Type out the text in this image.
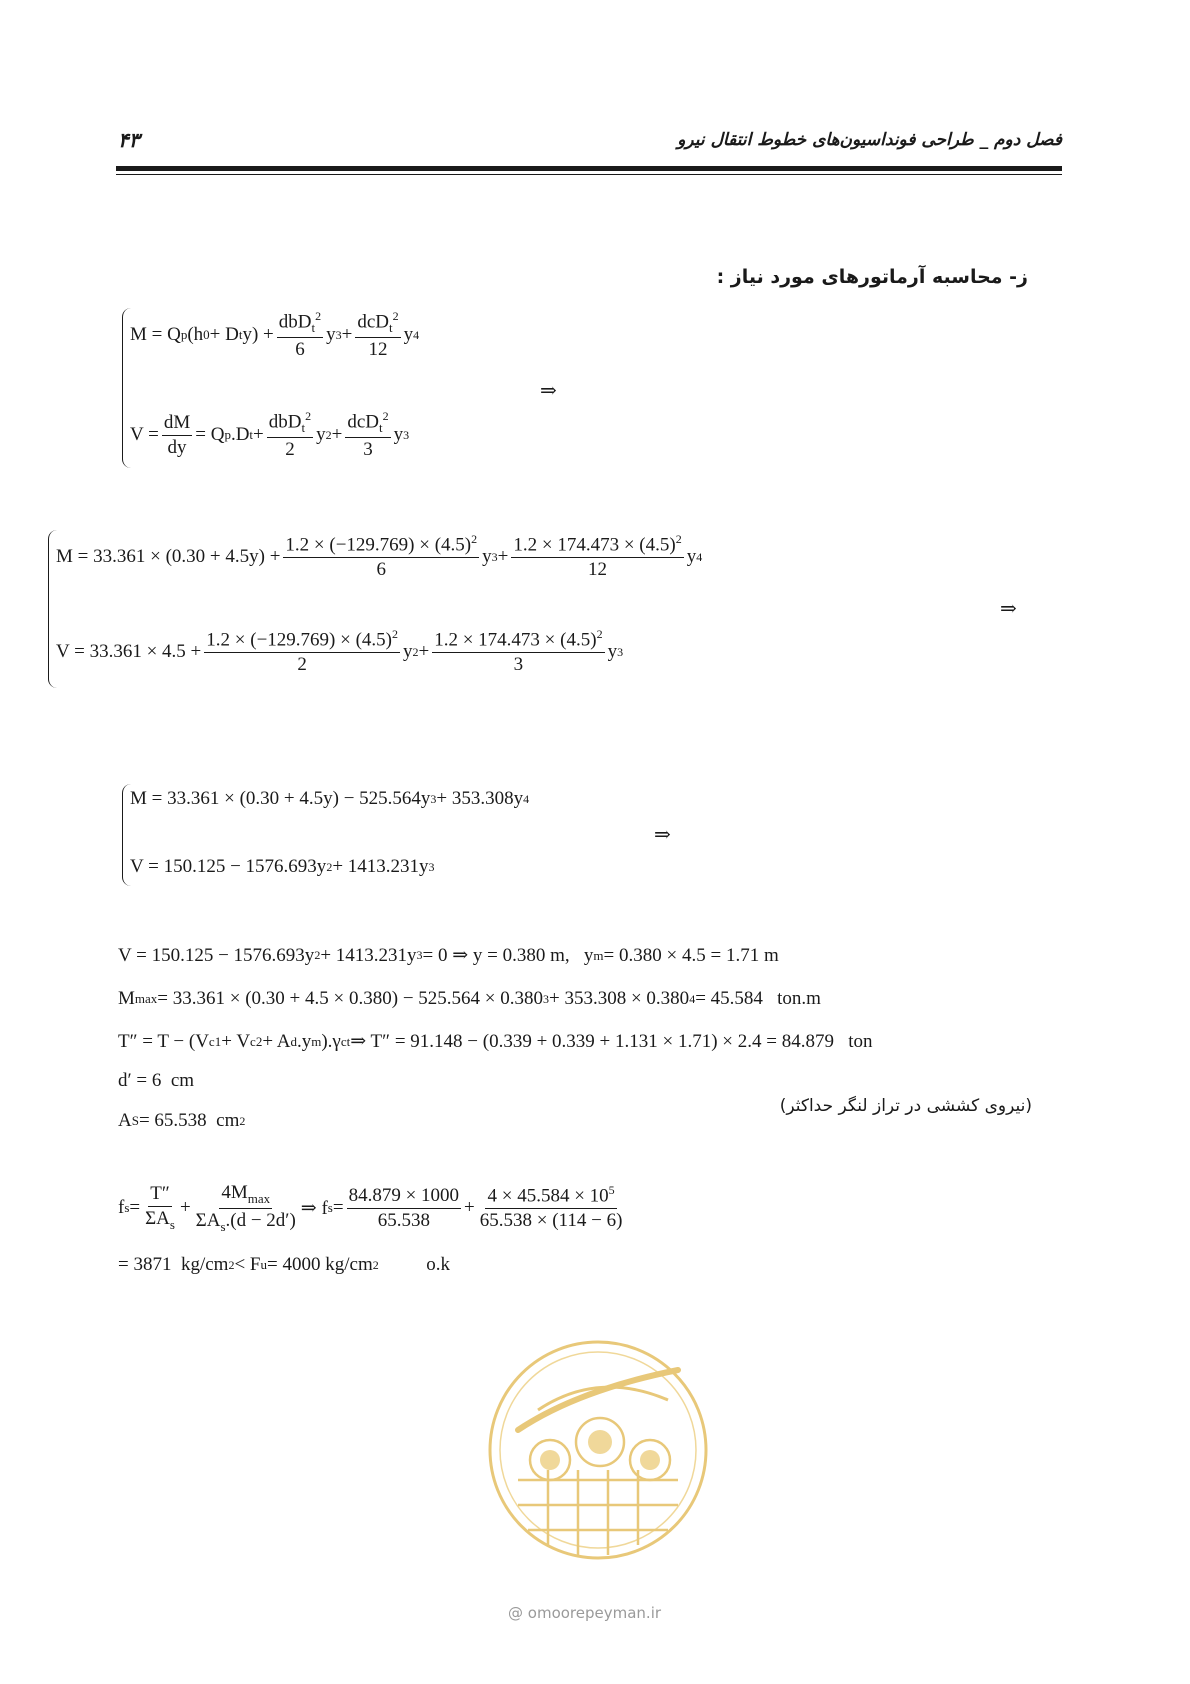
فصل دوم _ طراحی فونداسیون‌های خطوط انتقال نیرو
۴۳
ز- محاسبه آرماتورهای مورد نیاز :
M = Q p (h 0 + D t $y) + \frac{dbD_t^2}{6}$ y $3 + \frac{dcD_t^2}{12}$ y 4
⇒
$V = \frac{dM}{dy} = Q$ p .D $t + \frac{dbD_t^2}{2}$ y $2 + \frac{dcD_t^2}{3}$ y 3
$M = 33.361 \times (0.30 + 4.5y) + \frac{1.2 \times (-129.769) \times (4.5)^2}{6}$ y $3 + \frac{1.2 \times 174.473 \times (4.5)^2}{12}$ y 4
⇒
$V = 33.361 \times 4.5 + \frac{1.2 \times (-129.769) \times (4.5)^2}{2}$ y $2 + \frac{1.2 \times 174.473 \times (4.5)^2}{3}$ y 3
M = 33.361 × (0.30 + 4.5y) − 525.564y 3 + 353.308y 4
⇒
V = 150.125 − 1576.693y 2 + 1413.231y 3
V = 150.125 − 1576.693y 2 + 1413.231y 3 = 0 ⇒ y = 0.380 m,   y m = 0.380 × 4.5 = 1.71 m
M max = 33.361 × (0.30 + 4.5 × 0.380) − 525.564 × 0.380 3 + 353.308 × 0.380 4 = 45.584   ton.m
T″ = T − (V c1 + V c2 + A d .y m ).γ ct ⇒ T″ = 91.148 − (0.339 + 0.339 + 1.131 × 1.71) × 2.4 = 84.879   ton
d′ = 6  cm
A S = 65.538  cm 2
(نیروی کششی در تراز لنگر حداکثر)
f $s = \frac{T''}{\Sigma A_s} + \frac{4M_{max}}{\Sigma A_s.(d - 2d')}$ ⇒ f $s = \frac{84.879 \times 1000}{65.538} + \frac{4 \times 45.584 \times 10^5}{65.538 \times (114 - 6)}$
= 3871  kg/cm 2 < F u = 4000 kg/cm 2 o.k
@ omoorepeyman.ir
